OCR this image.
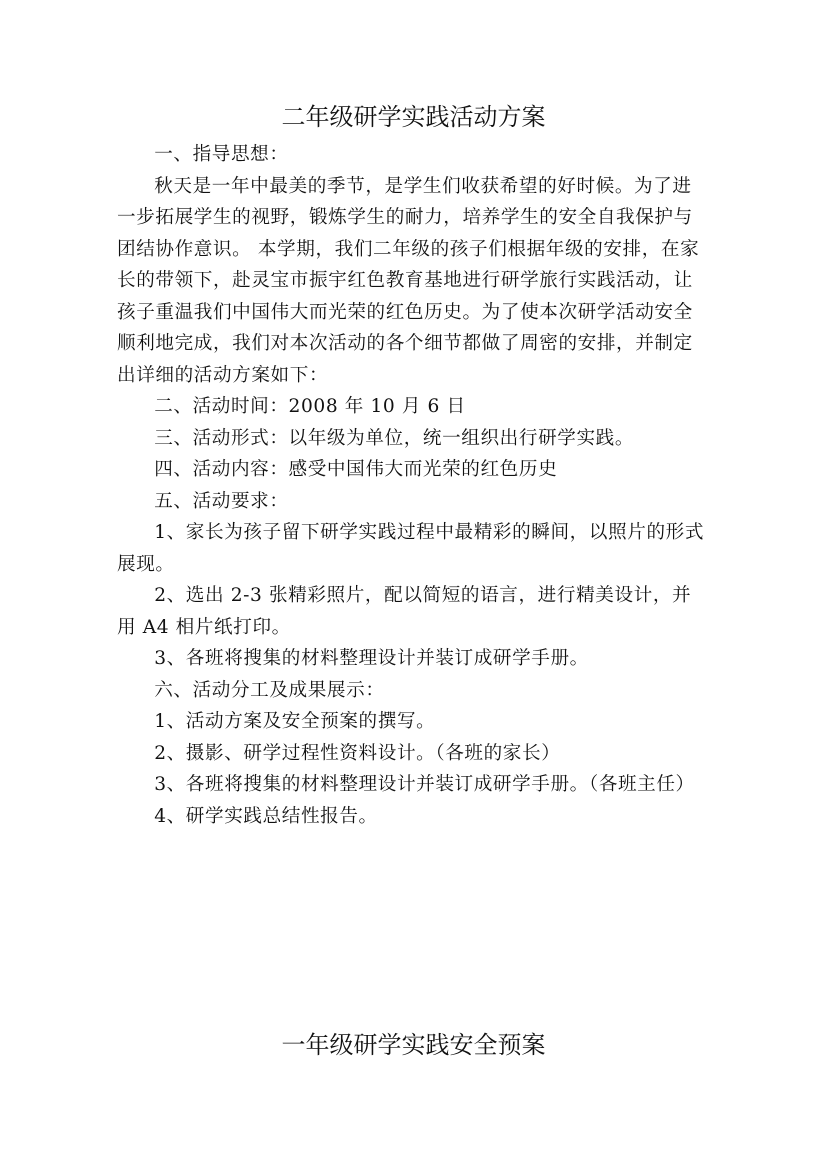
二年级研学实践活动方案

一、指导思想：

秋天是一年中最美的季节，是学生们收获希望的好时候。为了进一步拓展学生的视野，锻炼学生的耐力，培养学生的安全自我保护与团结协作意识。 本学期，我们二年级的孩子们根据年级的安排，在家长的带领下，赴灵宝市振宇红色教育基地进行研学旅行实践活动，让孩子重温我们中国伟大而光荣的红色历史。为了使本次研学活动安全顺利地完成，我们对本次活动的各个细节都做了周密的安排，并制定出详细的活动方案如下：

二、活动时间：2008 年 10 月 6 日

三、活动形式：以年级为单位，统一组织出行研学实践。

四、活动内容：感受中国伟大而光荣的红色历史

五、活动要求：

1、家长为孩子留下研学实践过程中最精彩的瞬间，以照片的形式展现。

2、选出 2-3 张精彩照片，配以简短的语言，进行精美设计，并用 A4 相片纸打印。

3、各班将搜集的材料整理设计并装订成研学手册。

六、活动分工及成果展示：

1、活动方案及安全预案的撰写。

2、摄影、研学过程性资料设计。（各班的家长）

3、各班将搜集的材料整理设计并装订成研学手册。（各班主任）

4、研学实践总结性报告。

一年级研学实践安全预案
